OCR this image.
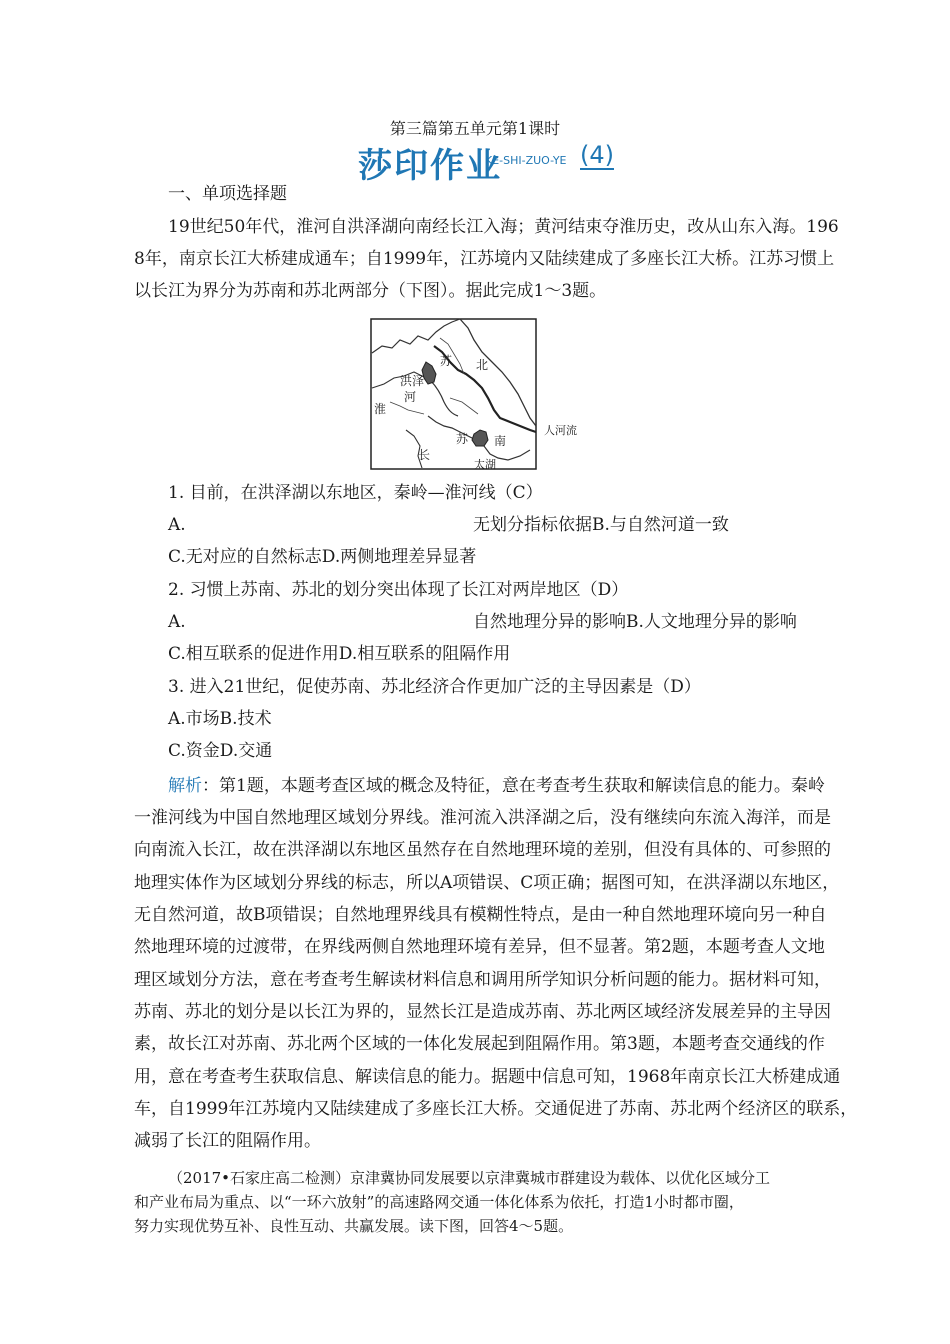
第三篇第五单元第1课时
莎印作业
KE-SHI-ZUO-YE (4)
一、单项选择题
19世纪50年代，淮河自洪泽湖向南经长江入海；黄河结束夺淮历史，改从山东入海。196
8年，南京长江大桥建成通车；自1999年，江苏境内又陆续建成了多座长江大桥。江苏习惯上
以长江为界分为苏南和苏北两部分（下图）。据此完成1～3题。
苏 北
洪泽
河
淮
苏 南
长
太湖
人河流
1. 目前，在洪泽湖以东地区，秦岭—淮河线（C）
A.	无划分指标依据B.与自然河道一致
C.无对应的自然标志D.两侧地理差异显著
2. 习惯上苏南、苏北的划分突出体现了长江对两岸地区（D）
A.	自然地理分异的影响B.人文地理分异的影响
C.相互联系的促进作用D.相互联系的阻隔作用
3. 进入21世纪，促使苏南、苏北经济合作更加广泛的主导因素是（D）
A.市场B.技术
C.资金D.交通
解析：第1题，本题考查区域的概念及特征，意在考查考生获取和解读信息的能力。秦岭
一淮河线为中国自然地理区域划分界线。淮河流入洪泽湖之后，没有继续向东流入海洋，而是
向南流入长江，故在洪泽湖以东地区虽然存在自然地理环境的差别，但没有具体的、可参照的
地理实体作为区域划分界线的标志，所以A项错误、C项正确；据图可知，在洪泽湖以东地区，
无自然河道，故B项错误；自然地理界线具有模糊性特点，是由一种自然地理环境向另一种自
然地理环境的过渡带，在界线两侧自然地理环境有差异，但不显著。第2题，本题考查人文地
理区域划分方法，意在考查考生解读材料信息和调用所学知识分析问题的能力。据材料可知，
苏南、苏北的划分是以长江为界的，显然长江是造成苏南、苏北两区域经济发展差异的主导因
素，故长江对苏南、苏北两个区域的一体化发展起到阻隔作用。第3题，本题考查交通线的作
用，意在考查考生获取信息、解读信息的能力。据题中信息可知，1968年南京长江大桥建成通
车，自1999年江苏境内又陆续建成了多座长江大桥。交通促进了苏南、苏北两个经济区的联系，
减弱了长江的阻隔作用。
（2017•石家庄高二检测）京津冀协同发展要以京津冀城市群建设为载体、以优化区域分工
和产业布局为重点、以“一环六放射”的高速路网交通一体化体系为依托，打造1小时都市圈，
努力实现优势互补、良性互动、共赢发展。读下图，回答4～5题。
